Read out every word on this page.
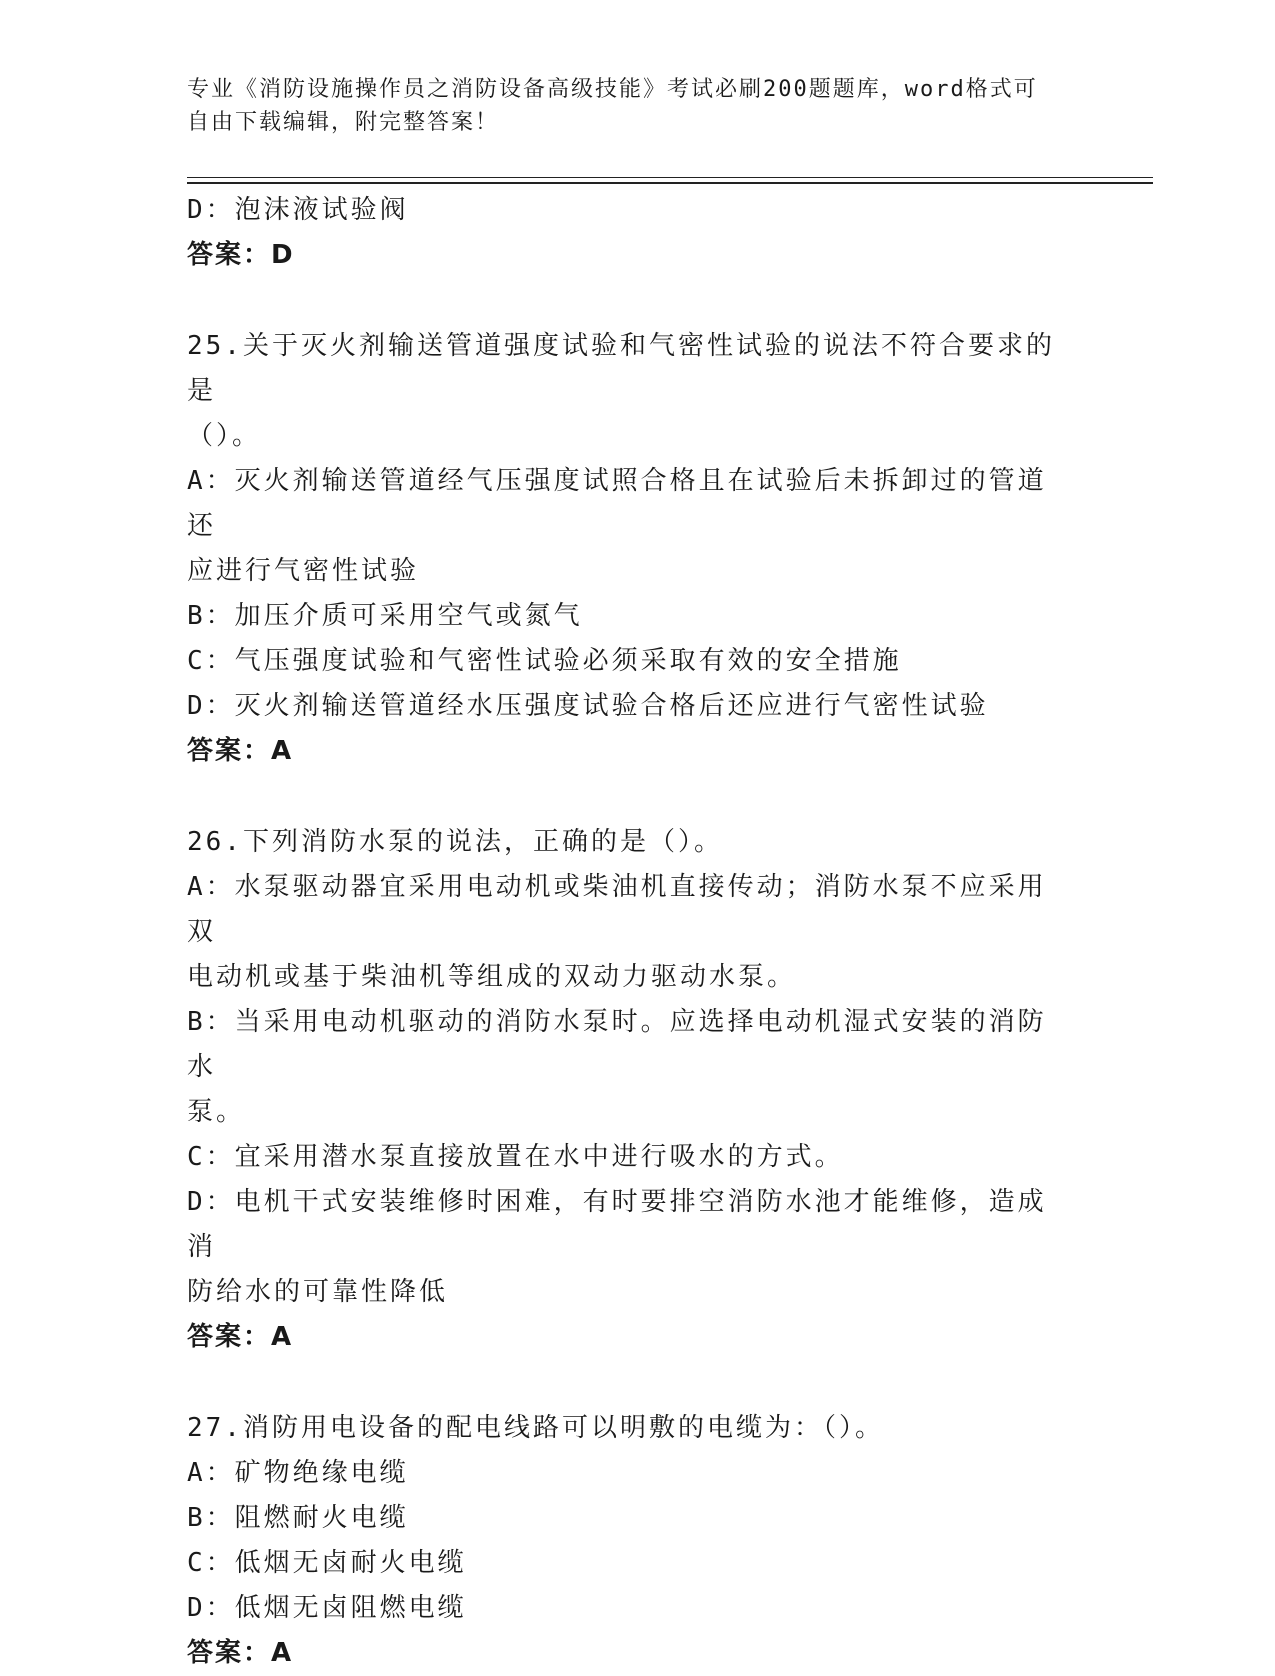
专业《消防设施操作员之消防设备高级技能》考试必刷200题题库，word格式可
自由下载编辑，附完整答案！

D：泡沫液试验阀

答案：D

25.关于灭火剂输送管道强度试验和气密性试验的说法不符合要求的是

（）。

A：灭火剂输送管道经气压强度试照合格且在试验后未拆卸过的管道还

应进行气密性试验

B：加压介质可采用空气或氮气

C：气压强度试验和气密性试验必须采取有效的安全措施

D：灭火剂输送管道经水压强度试验合格后还应进行气密性试验

答案：A

26.下列消防水泵的说法，正确的是（）。

A：水泵驱动器宜采用电动机或柴油机直接传动；消防水泵不应采用双

电动机或基于柴油机等组成的双动力驱动水泵。

B：当采用电动机驱动的消防水泵时。应选择电动机湿式安装的消防水

泵。

C：宜采用潜水泵直接放置在水中进行吸水的方式。

D：电机干式安装维修时困难，有时要排空消防水池才能维修，造成消

防给水的可靠性降低

答案：A

27.消防用电设备的配电线路可以明敷的电缆为：（）。

A：矿物绝缘电缆

B：阻燃耐火电缆

C：低烟无卤耐火电缆

D：低烟无卤阻燃电缆

答案：A
